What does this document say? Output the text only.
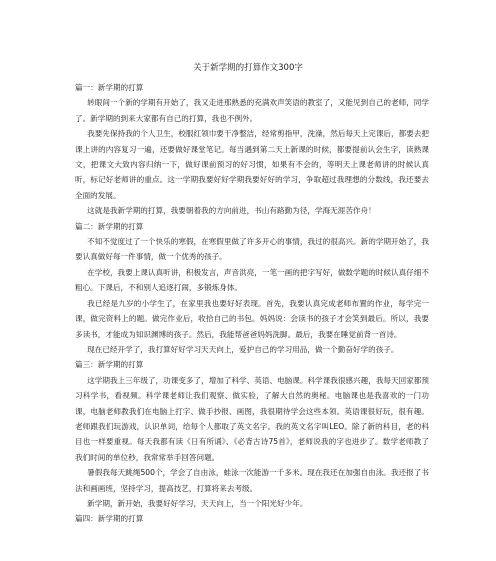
关于新学期的打算作文300字

篇一：新学期的打算

转眼间一个新的学期有开始了，我又走进那熟悉的充满欢声笑语的教室了，又能见到自己的老师，同学了。新学期的到来大家都有自己的打算，我也不例外。

我要先保持我的个人卫生，校服红领巾要干净整洁，经常剪指甲，洗澡，然后每天上完课后，都要去把课上讲的内容复习一遍，还要做好课堂笔记。每当遇到第二天上新课的时候，都要提前认会生字，读熟课文，把课文大致内容归纳一下，做好课前预习的好习惯，如果有不会的，等明天上课老师讲的时候认真听，标记好老师讲的重点。这一学期我要好好学期我要好好的学习，争取超过我理想的分数线，我还要去全面的发展。

这就是我新学期的打算，我要朝着我的方向前进，书山有路勤为径，学海无涯苦作舟！

篇二：新学期的打算

不知不觉度过了一个快乐的寒假，在寒假里做了许多开心的事情，我过的很高兴。新的学期开始了，我要认真做好每一件事情，做一个优秀的孩子。

在学校，我要上课认真听讲，积极发言，声音洪亮，一笔一画的把字写好，做数学题的时候认真仔细不粗心。下课后，不和别人追逐打闹，多锻炼身体。

我已经是九岁的小学生了，在家里我也要好好表现。首先，我要认真完成老师布置的作业，每学完一课，做完资料上的题。做完作业后，收拾自己的书包。妈妈说：会读书的孩子才会笑到最后。所以，我要多读书，才能成为知识渊博的孩子。然后，我能帮爸爸妈妈洗脚。最后，我要在睡觉前背一首诗。

现在已经开学了，我打算好好学习天天向上，爱护自己的学习用品，做一个勤奋好学的孩子。

篇三：新学期的打算

这学期我上三年级了，功课变多了，增加了科学、英语、电脑课。科学课我很感兴趣，我每天回家都预习科学书，看视频。科学课老师让我们观察、做实验，了解大自然的奥秘。电脑课也是我喜欢的一门功课，电脑老师教我们在电脑上打字、做手抄报、画图，我很期待学会这些本领。英语课很好玩，很有趣。老师跟我们玩游戏，认识单词，给每个人都取了英文名字。我的英文名字叫LEO。除了新的科目，老的科目也一样要重视。每天我都有读《日有所诵》、《必背古诗75首》，老师说我的字也进步了。数学老师教了我们时间的单位秒，我常常举手回答问题。

暑假我每天跳绳500个，学会了自由泳，蛙泳一次能游一千多米。现在我还在加强自由泳。我还报了书法和画画班，坚持学习，提高技艺，打算将来去考级。

新学期，新开始，我要好好学习，天天向上，当一个阳光好少年。

篇四：新学期的打算
